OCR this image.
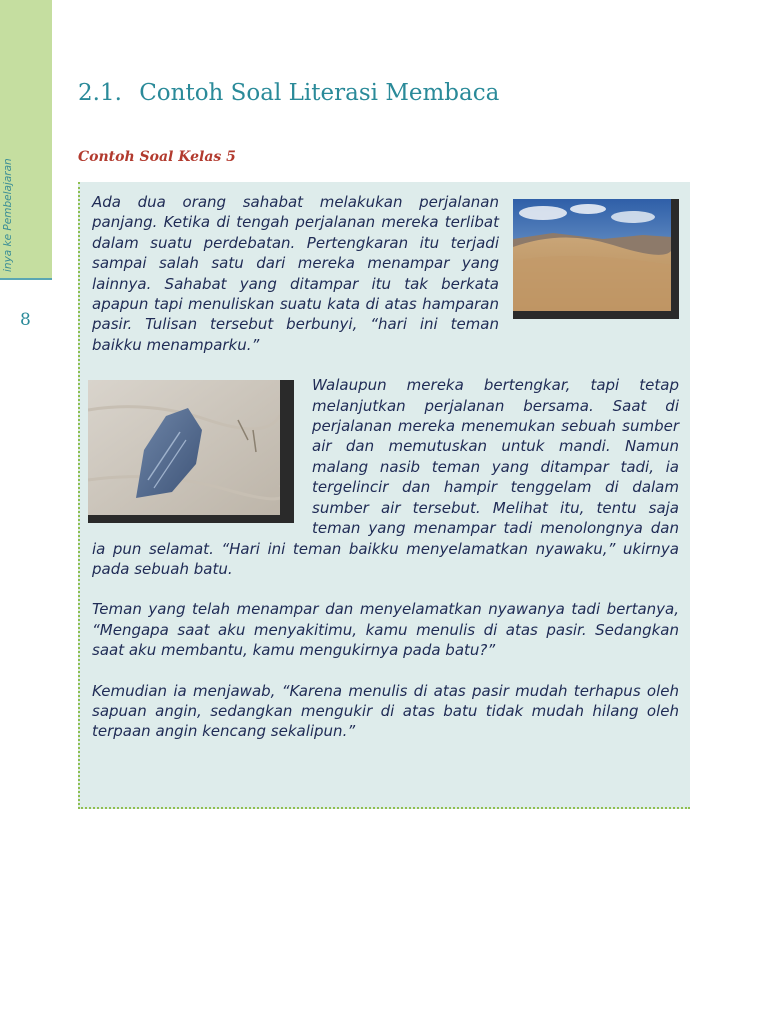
inya ke Pembelajaran
8
2.1. Contoh Soal Literasi Membaca
Contoh Soal Kelas 5

Ada dua orang sahabat melakukan perjalanan panjang. Ketika di tengah perjalanan mereka terlibat dalam suatu perdebatan. Pertengkaran itu terjadi sampai salah satu dari mereka menampar yang lainnya. Sahabat yang ditampar itu tak berkata apapun tapi menuliskan suatu kata di atas hamparan pasir. Tulisan tersebut berbunyi, “hari ini teman baikku menamparku.”

Walaupun mereka bertengkar, tapi tetap melanjutkan perjalanan bersama. Saat di perjalanan mereka menemukan sebuah sumber air dan memutuskan untuk mandi. Namun malang nasib teman yang ditampar tadi, ia tergelincir dan hampir tenggelam di dalam sumber air tersebut. Melihat itu, tentu saja teman yang menampar tadi menolongnya dan ia pun selamat. “Hari ini teman baikku menyelamatkan nyawaku,” ukirnya pada sebuah batu.

Teman yang telah menampar dan menyelamatkan nyawanya tadi bertanya, “Mengapa saat aku menyakitimu, kamu menulis di atas pasir. Sedangkan saat aku membantu, kamu mengukirnya pada batu?”

Kemudian ia menjawab, “Karena menulis di atas pasir mudah terhapus oleh sapuan angin, sedangkan mengukir di atas batu tidak mudah hilang oleh terpaan angin kencang sekalipun.”
